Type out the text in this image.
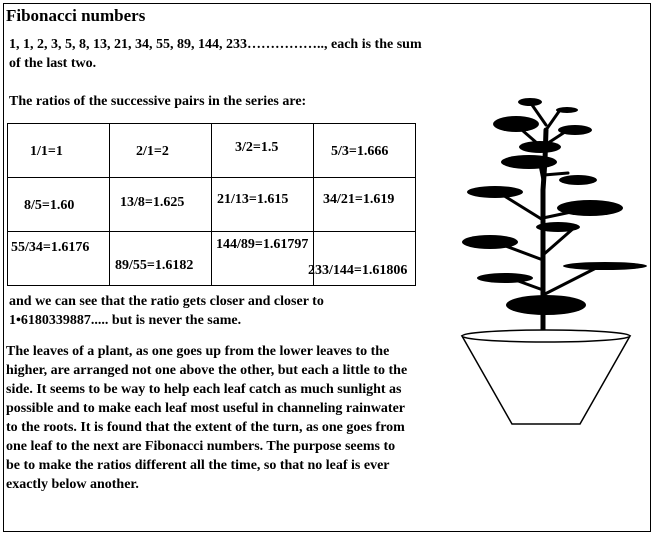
Fibonacci numbers

1, 1, 2, 3, 5, 8, 13, 21, 34, 55, 89, 144, 233…………….., each is the sum of the last two.

The ratios of the successive pairs in the series are:

1/1=1	2/1=2	3/2=1.5	5/3=1.666

8/5=1.60	13/8=1.625	21/13=1.615	34/21=1.619

55/34=1.6176	89/55=1.6182	144/89=1.61797	233/144=1.61806

and we can see that the ratio gets closer and closer to 1•6180339887..... but is never the same.

The leaves of a plant, as one goes up from the lower leaves to the higher, are arranged not one above the other, but each a little to the side. It seems to be way to help each leaf catch as much sunlight as possible and to make each leaf most useful in channeling rainwater to the roots. It is found that the extent of the turn, as one goes from one leaf to the next are Fibonacci numbers. The purpose seems to be to make the ratios different all the time, so that no leaf is ever exactly below another.
